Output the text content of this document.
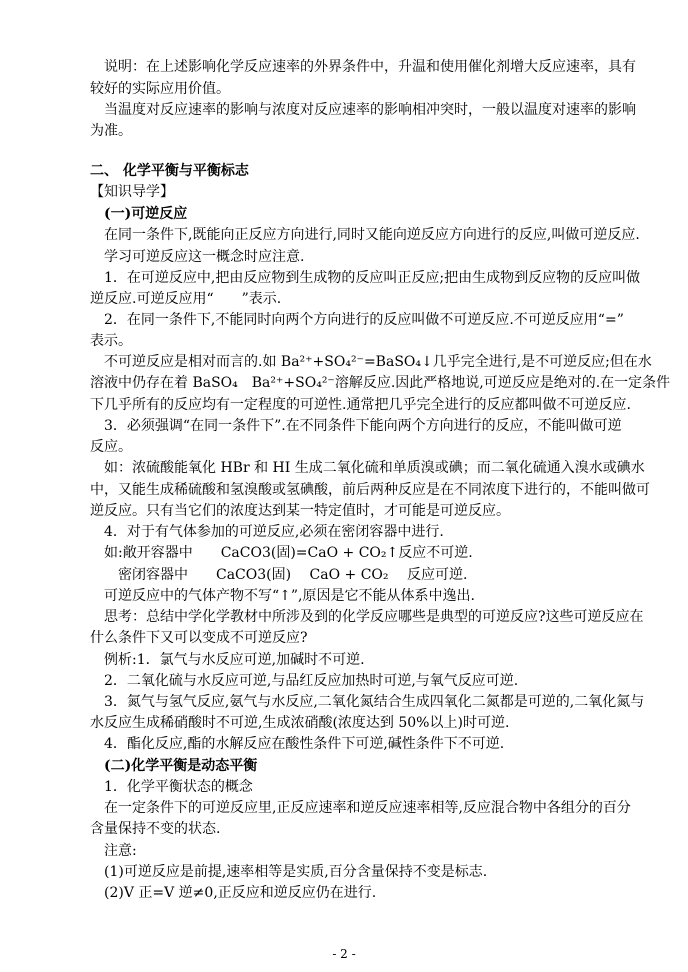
　说明：在上述影响化学反应速率的外界条件中，升温和使用催化剂增大反应速率，具有

较好的实际应用价值。

　当温度对反应速率的影响与浓度对反应速率的影响相冲突时，一般以温度对速率的影响

为准。

二、 化学平衡与平衡标志

【知识导学】

　(一)可逆反应

　在同一条件下,既能向正反应方向进行,同时又能向逆反应方向进行的反应,叫做可逆反应.

　学习可逆反应这一概念时应注意.

　1．在可逆反应中,把由反应物到生成物的反应叫正反应;把由生成物到反应物的反应叫做

逆反应.可逆反应用“　　”表示.

　2．在同一条件下,不能同时向两个方向进行的反应叫做不可逆反应.不可逆反应用“=”

表示。

　不可逆反应是相对而言的.如 Ba²⁺+SO₄²⁻=BaSO₄↓几乎完全进行,是不可逆反应;但在水

溶液中仍存在着 BaSO₄　Ba²⁺+SO₄²⁻溶解反应.因此严格地说,可逆反应是绝对的.在一定条件

下几乎所有的反应均有一定程度的可逆性.通常把几乎完全进行的反应都叫做不可逆反应.

　3．必须强调“在同一条件下”.在不同条件下能向两个方向进行的反应，不能叫做可逆

反应。

　如：浓硫酸能氧化 HBr 和 HI 生成二氧化硫和单质溴或碘；而二氧化硫通入溴水或碘水

中，又能生成稀硫酸和氢溴酸或氢碘酸，前后两种反应是在不同浓度下进行的，不能叫做可

逆反应。只有当它们的浓度达到某一特定值时，才可能是可逆反应。

　4．对于有气体参加的可逆反应,必须在密闭容器中进行.

　如:敞开容器中　　CaCO3(固)=CaO + CO₂↑反应不可逆.

　　密闭容器中　　CaCO3(固)　 CaO + CO₂　 反应可逆.

　可逆反应中的气体产物不写“↑”,原因是它不能从体系中逸出.

　思考：总结中学化学教材中所涉及到的化学反应哪些是典型的可逆反应?这些可逆反应在

什么条件下又可以变成不可逆反应?

　例析:1．氯气与水反应可逆,加碱时不可逆.

　2．二氧化硫与水反应可逆,与品红反应加热时可逆,与氧气反应可逆.

　3．氮气与氢气反应,氨气与水反应,二氧化氮结合生成四氧化二氮都是可逆的,二氧化氮与

水反应生成稀硝酸时不可逆,生成浓硝酸(浓度达到 50%以上)时可逆.

　4．酯化反应,酯的水解反应在酸性条件下可逆,碱性条件下不可逆.

　(二)化学平衡是动态平衡

　1．化学平衡状态的概念

　在一定条件下的可逆反应里,正反应速率和逆反应速率相等,反应混合物中各组分的百分

含量保持不变的状态.

　注意:

　(1)可逆反应是前提,速率相等是实质,百分含量保持不变是标志.

　(2)V 正=V 逆≠0,正反应和逆反应仍在进行.

- 2 -
